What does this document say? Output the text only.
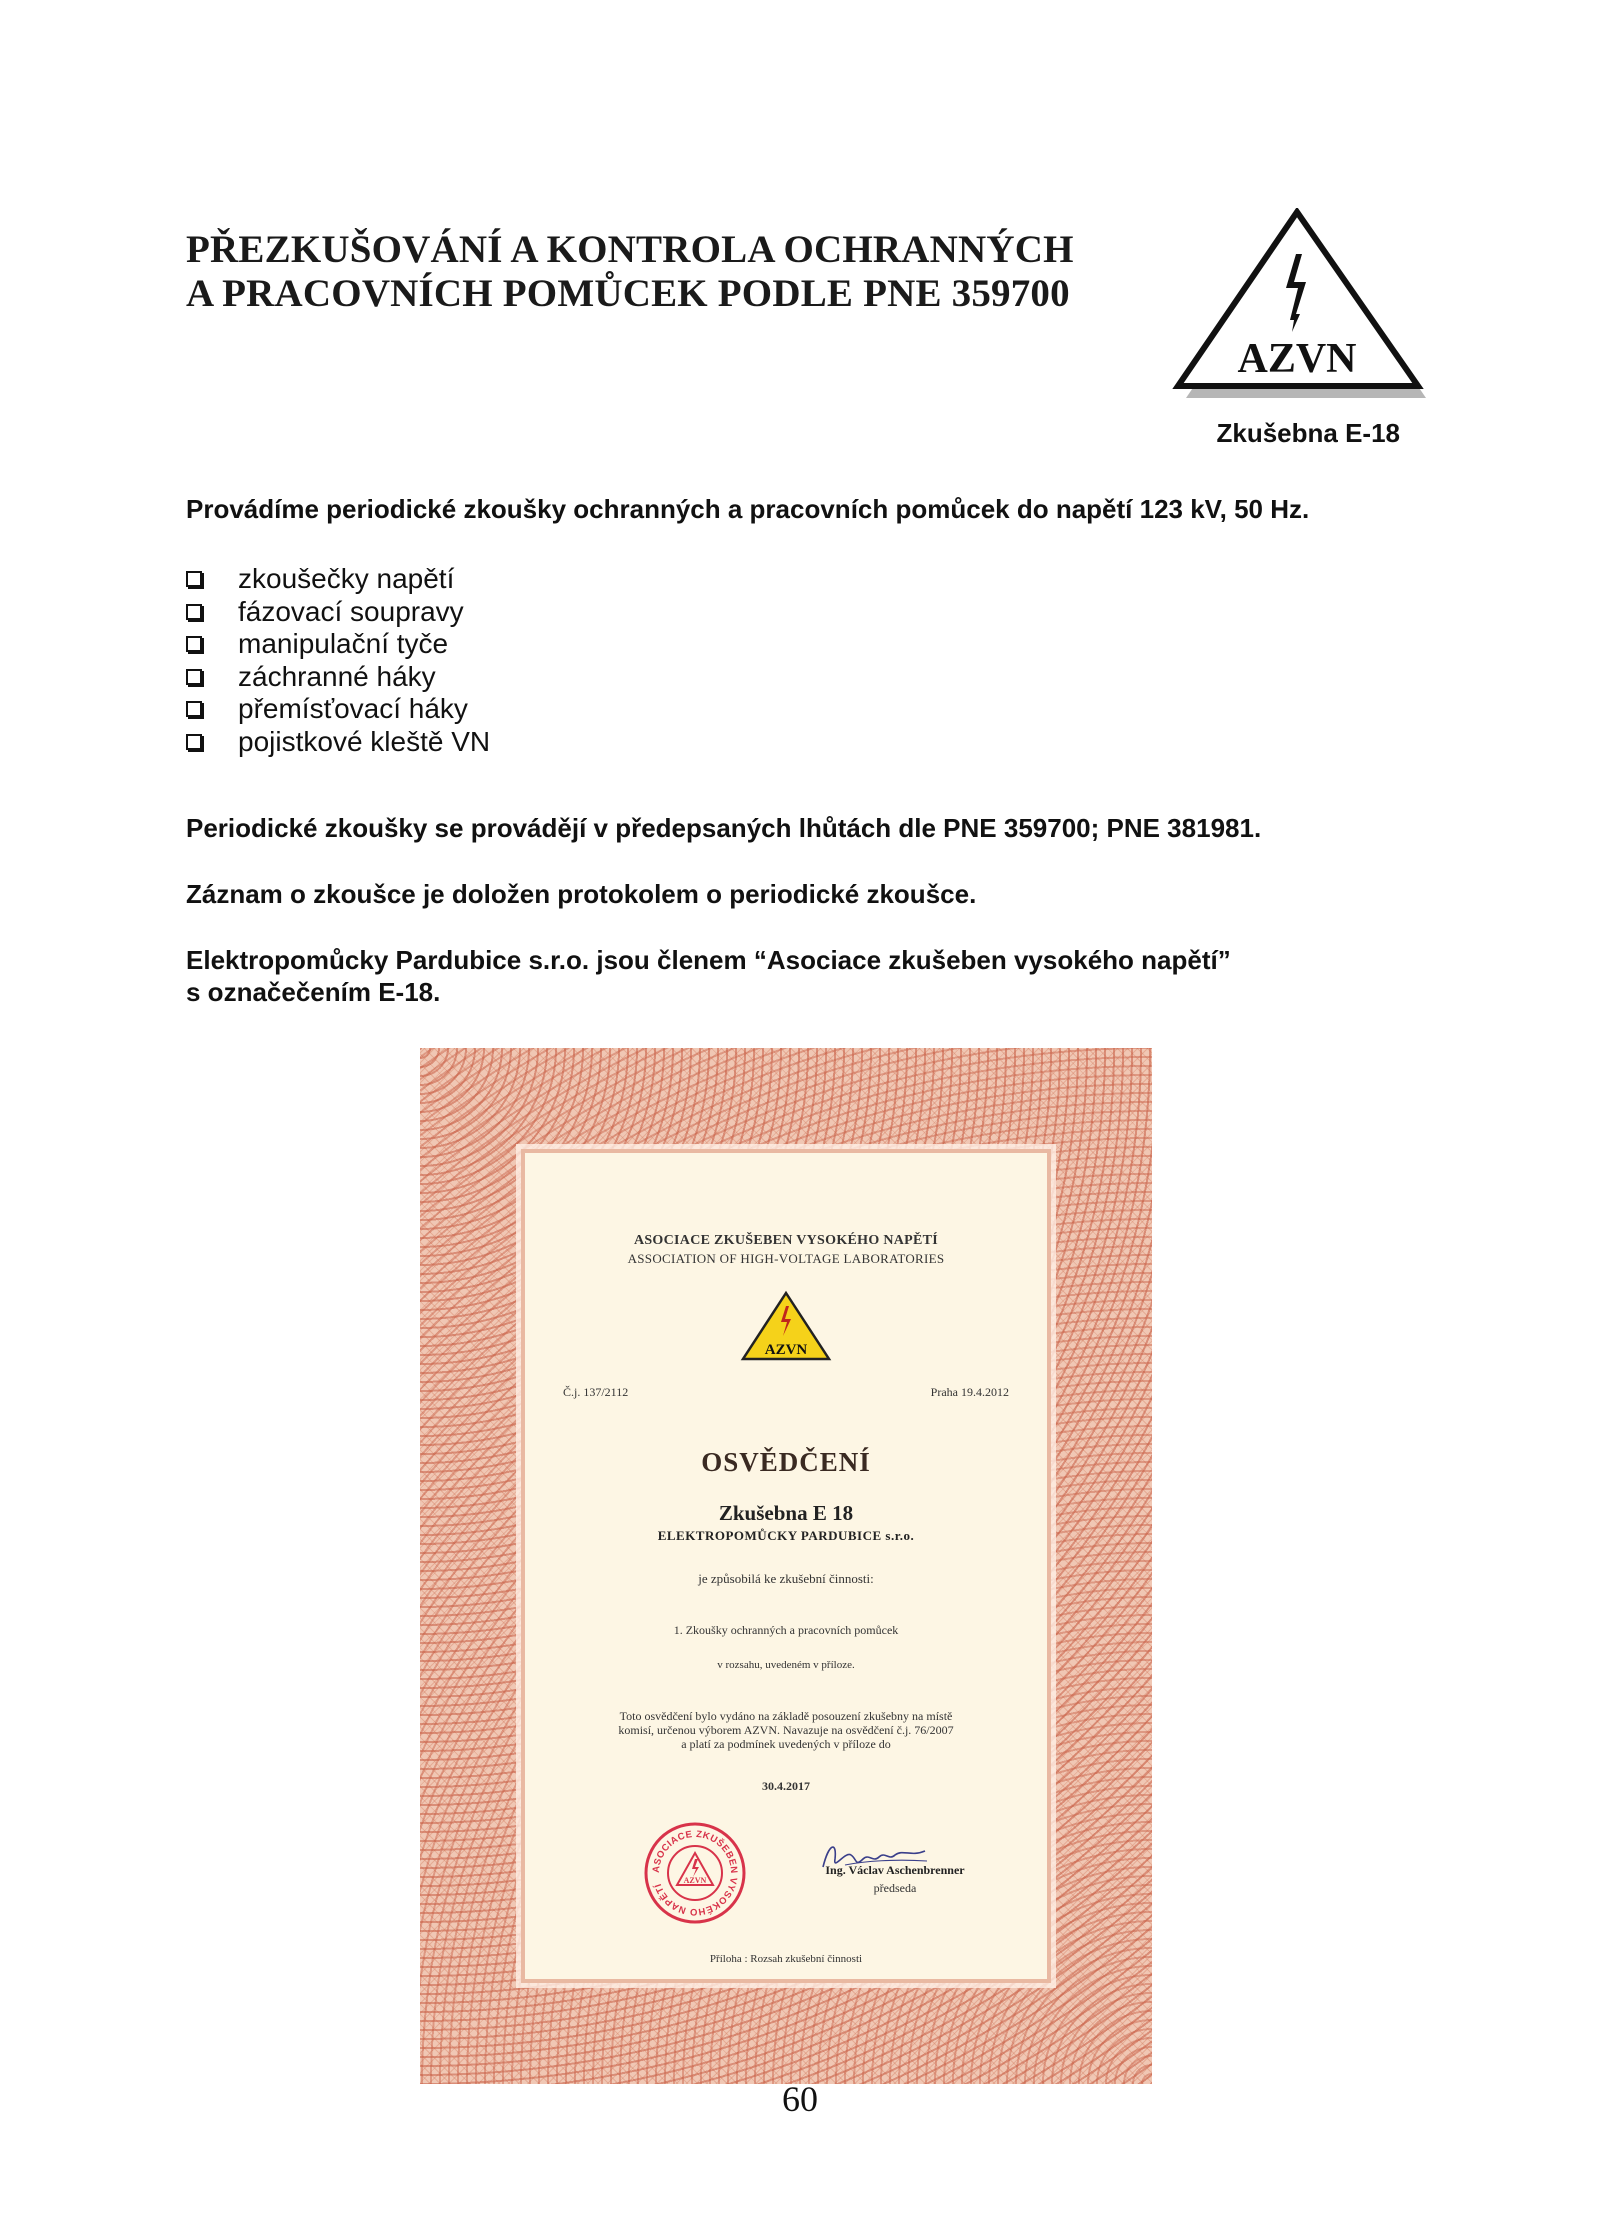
PŘEZKUŠOVÁNÍ A KONTROLA OCHRANNÝCH
A PRACOVNÍCH POMŮCEK PODLE PNE 359700
AZVN
Zkušebna E-18
Provádíme periodické zkoušky ochranných a pracovních pomůcek do napětí 123 kV, 50 Hz.
zkoušečky napětí
fázovací soupravy
manipulační tyče
záchranné háky
přemísťovací háky
pojistkové kleště VN
Periodické zkoušky se provádějí v předepsaných lhůtách dle PNE 359700; PNE 381981.
Záznam o zkoušce je doložen protokolem o periodické zkoušce.
Elektropomůcky Pardubice s.r.o. jsou členem “Asociace zkušeben vysokého napětí”
s označečením E-18.
ASOCIACE ZKUŠEBEN VYSOKÉHO NAPĚTÍ
ASSOCIATION OF HIGH-VOLTAGE LABORATORIES
AZVN
Č.j. 137/2112	Praha 19.4.2012
OSVĚDČENÍ
Zkušebna E 18
ELEKTROPOMŮCKY PARDUBICE s.r.o.
je způsobilá ke zkušební činnosti:
1. Zkoušky ochranných a pracovních pomůcek
v rozsahu, uvedeném v příloze.
Toto osvědčení bylo vydáno na základě posouzení zkušebny na místě
komisí, určenou výborem AZVN. Navazuje na osvědčení č.j. 76/2007
a platí za podmínek uvedených v příloze do
30.4.2017
ASOCIACE ZKUŠEBEN VYSOKÉHO NAPĚTÍ
AZVN
Ing. Václav Aschenbrenner
předseda
Příloha : Rozsah zkušební činnosti
60
